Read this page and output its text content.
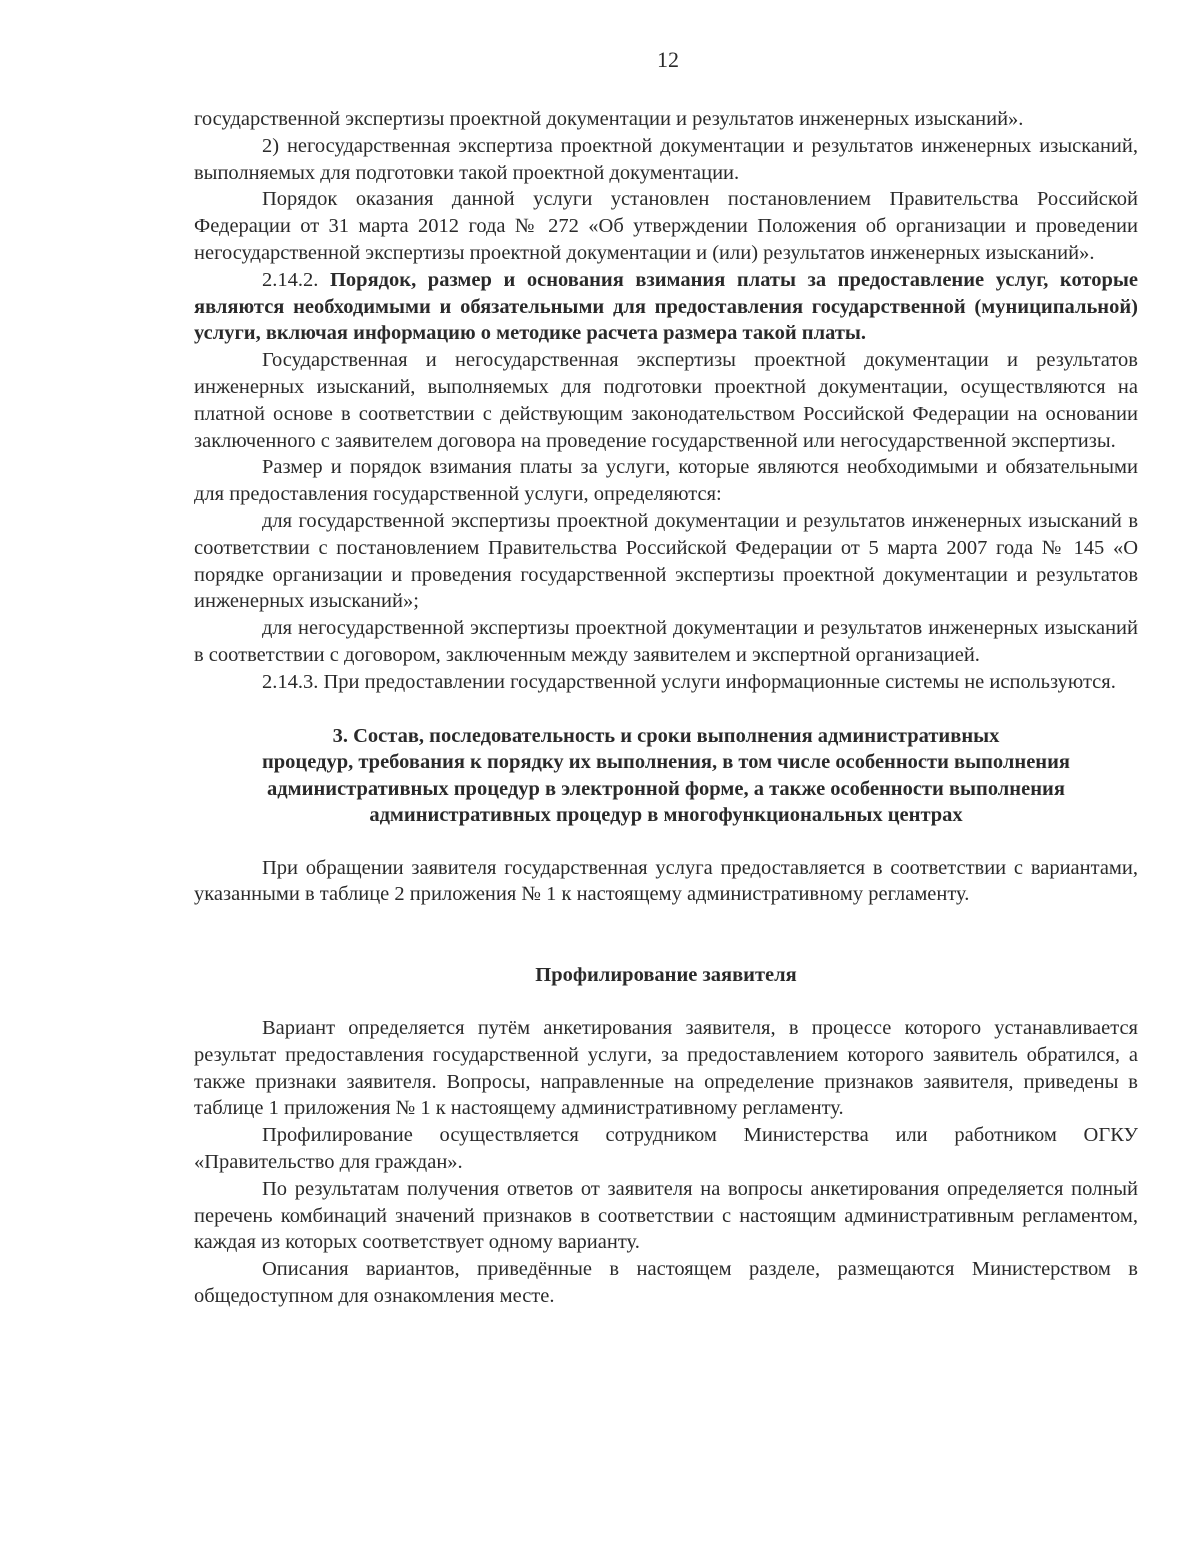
12

государственной экспертизы проектной документации и результатов инженерных изысканий».

2) негосударственная экспертиза проектной документации и результатов инженерных изысканий, выполняемых для подготовки такой проектной документации.

Порядок оказания данной услуги установлен постановлением Правительства Российской Федерации от 31 марта 2012 года № 272 «Об утверждении Положения об организации и проведении негосударственной экспертизы проектной документации и (или) результатов инженерных изысканий».

2.14.2. Порядок, размер и основания взимания платы за предоставление услуг, которые являются необходимыми и обязательными для предоставления государственной (муниципальной) услуги, включая информацию о методике расчета размера такой платы.

Государственная и негосударственная экспертизы проектной документации и результатов инженерных изысканий, выполняемых для подготовки проектной документации, осуществляются на платной основе в соответствии с действующим законодательством Российской Федерации на основании заключенного с заявителем договора на проведение государственной или негосударственной экспертизы.

Размер и порядок взимания платы за услуги, которые являются необходимыми и обязательными для предоставления государственной услуги, определяются:

для государственной экспертизы проектной документации и результатов инженерных изысканий в соответствии с постановлением Правительства Российской Федерации от 5 марта 2007 года № 145 «О порядке организации и проведения государственной экспертизы проектной документации и результатов инженерных изысканий»;

для негосударственной экспертизы проектной документации и результатов инженерных изысканий в соответствии с договором, заключенным между заявителем и экспертной организацией.

2.14.3. При предоставлении государственной услуги информационные системы не используются.

3. Состав, последовательность и сроки выполнения административных
процедур, требования к порядку их выполнения, в том числе особенности выполнения
административных процедур в электронной форме, а также особенности выполнения
административных процедур в многофункциональных центрах

При обращении заявителя государственная услуга предоставляется в соответствии с вариантами, указанными в таблице 2 приложения № 1 к настоящему административному регламенту.

Профилирование заявителя

Вариант определяется путём анкетирования заявителя, в процессе которого устанавливается результат предоставления государственной услуги, за предоставлением которого заявитель обратился, а также признаки заявителя. Вопросы, направленные на определение признаков заявителя, приведены в таблице 1 приложения № 1 к настоящему административному регламенту.

Профилирование осуществляется сотрудником Министерства или работником ОГКУ «Правительство для граждан».

По результатам получения ответов от заявителя на вопросы анкетирования определяется полный перечень комбинаций значений признаков в соответствии с настоящим административным регламентом, каждая из которых соответствует одному варианту.

Описания вариантов, приведённые в настоящем разделе, размещаются Министерством в общедоступном для ознакомления месте.
